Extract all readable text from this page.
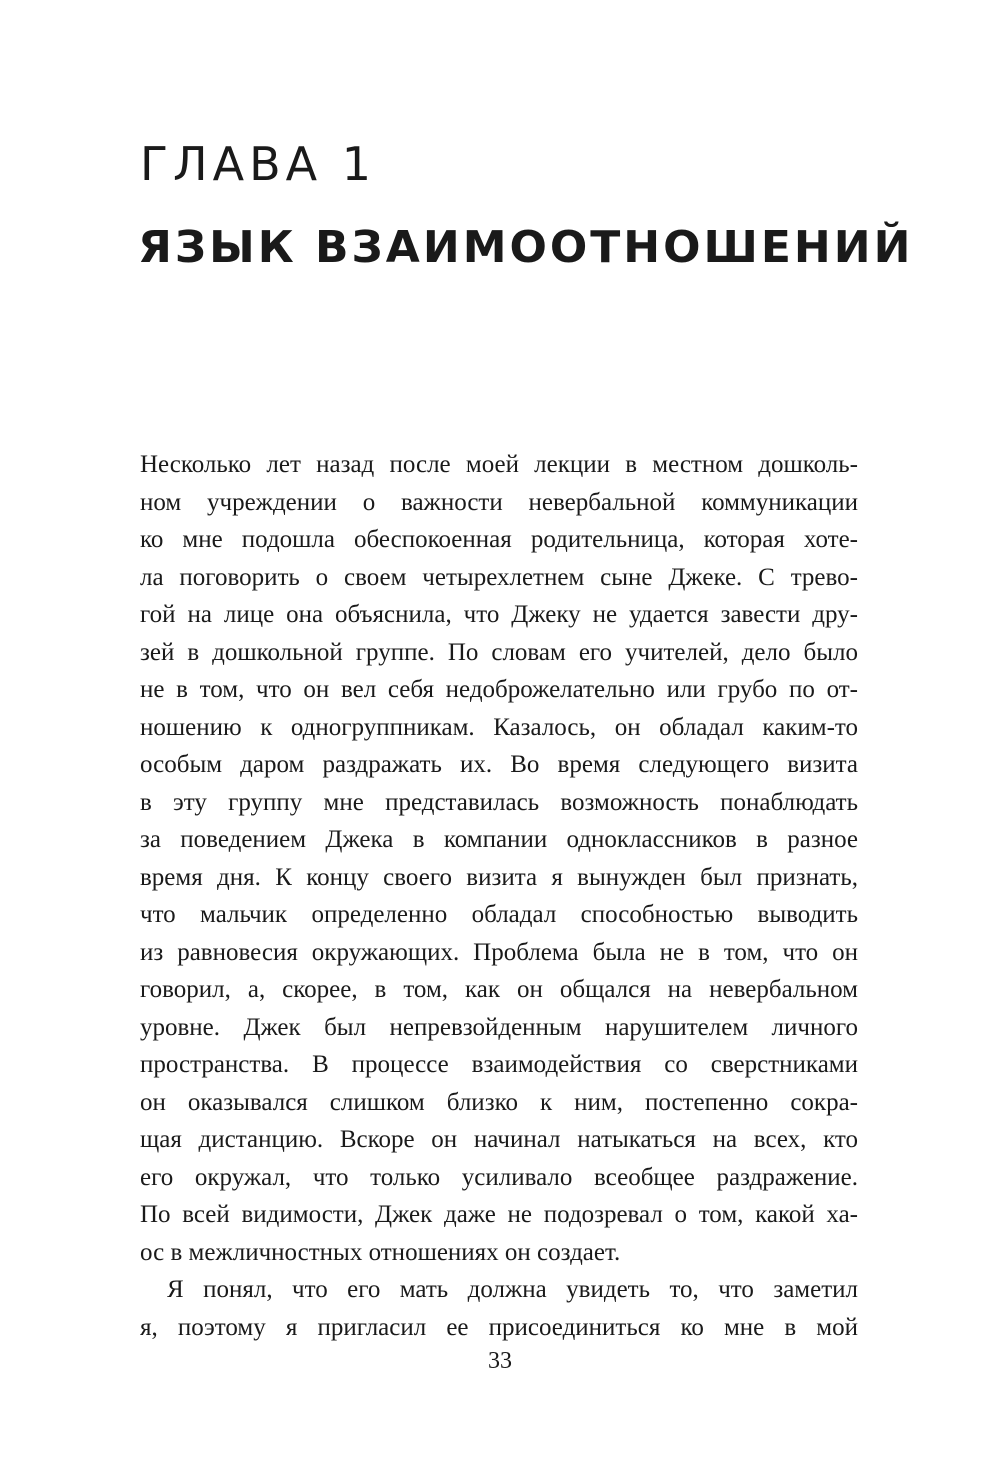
ГЛАВА 1
ЯЗЫК ВЗАИМООТНОШЕНИЙ
Несколько лет назад после моей лекции в местном дошколь-
ном учреждении о важности невербальной коммуникации
ко мне подошла обеспокоенная родительница, которая хоте-
ла поговорить о своем четырехлетнем сыне Джеке. С трево-
гой на лице она объяснила, что Джеку не удается завести дру-
зей в дошкольной группе. По словам его учителей, дело было
не в том, что он вел себя недоброжелательно или грубо по от-
ношению к одногруппникам. Казалось, он обладал каким-то
особым даром раздражать их. Во время следующего визита
в эту группу мне представилась возможность понаблюдать
за поведением Джека в компании одноклассников в разное
время дня. К концу своего визита я вынужден был признать,
что мальчик определенно обладал способностью выводить
из равновесия окружающих. Проблема была не в том, что он
говорил, а, скорее, в том, как он общался на невербальном
уровне. Джек был непревзойденным нарушителем личного
пространства. В процессе взаимодействия со сверстниками
он оказывался слишком близко к ним, постепенно сокра-
щая дистанцию. Вскоре он начинал натыкаться на всех, кто
его окружал, что только усиливало всеобщее раздражение.
По всей видимости, Джек даже не подозревал о том, какой ха-
ос в межличностных отношениях он создает.
Я понял, что его мать должна увидеть то, что заметил
я, поэтому я пригласил ее присоединиться ко мне в мой
33
